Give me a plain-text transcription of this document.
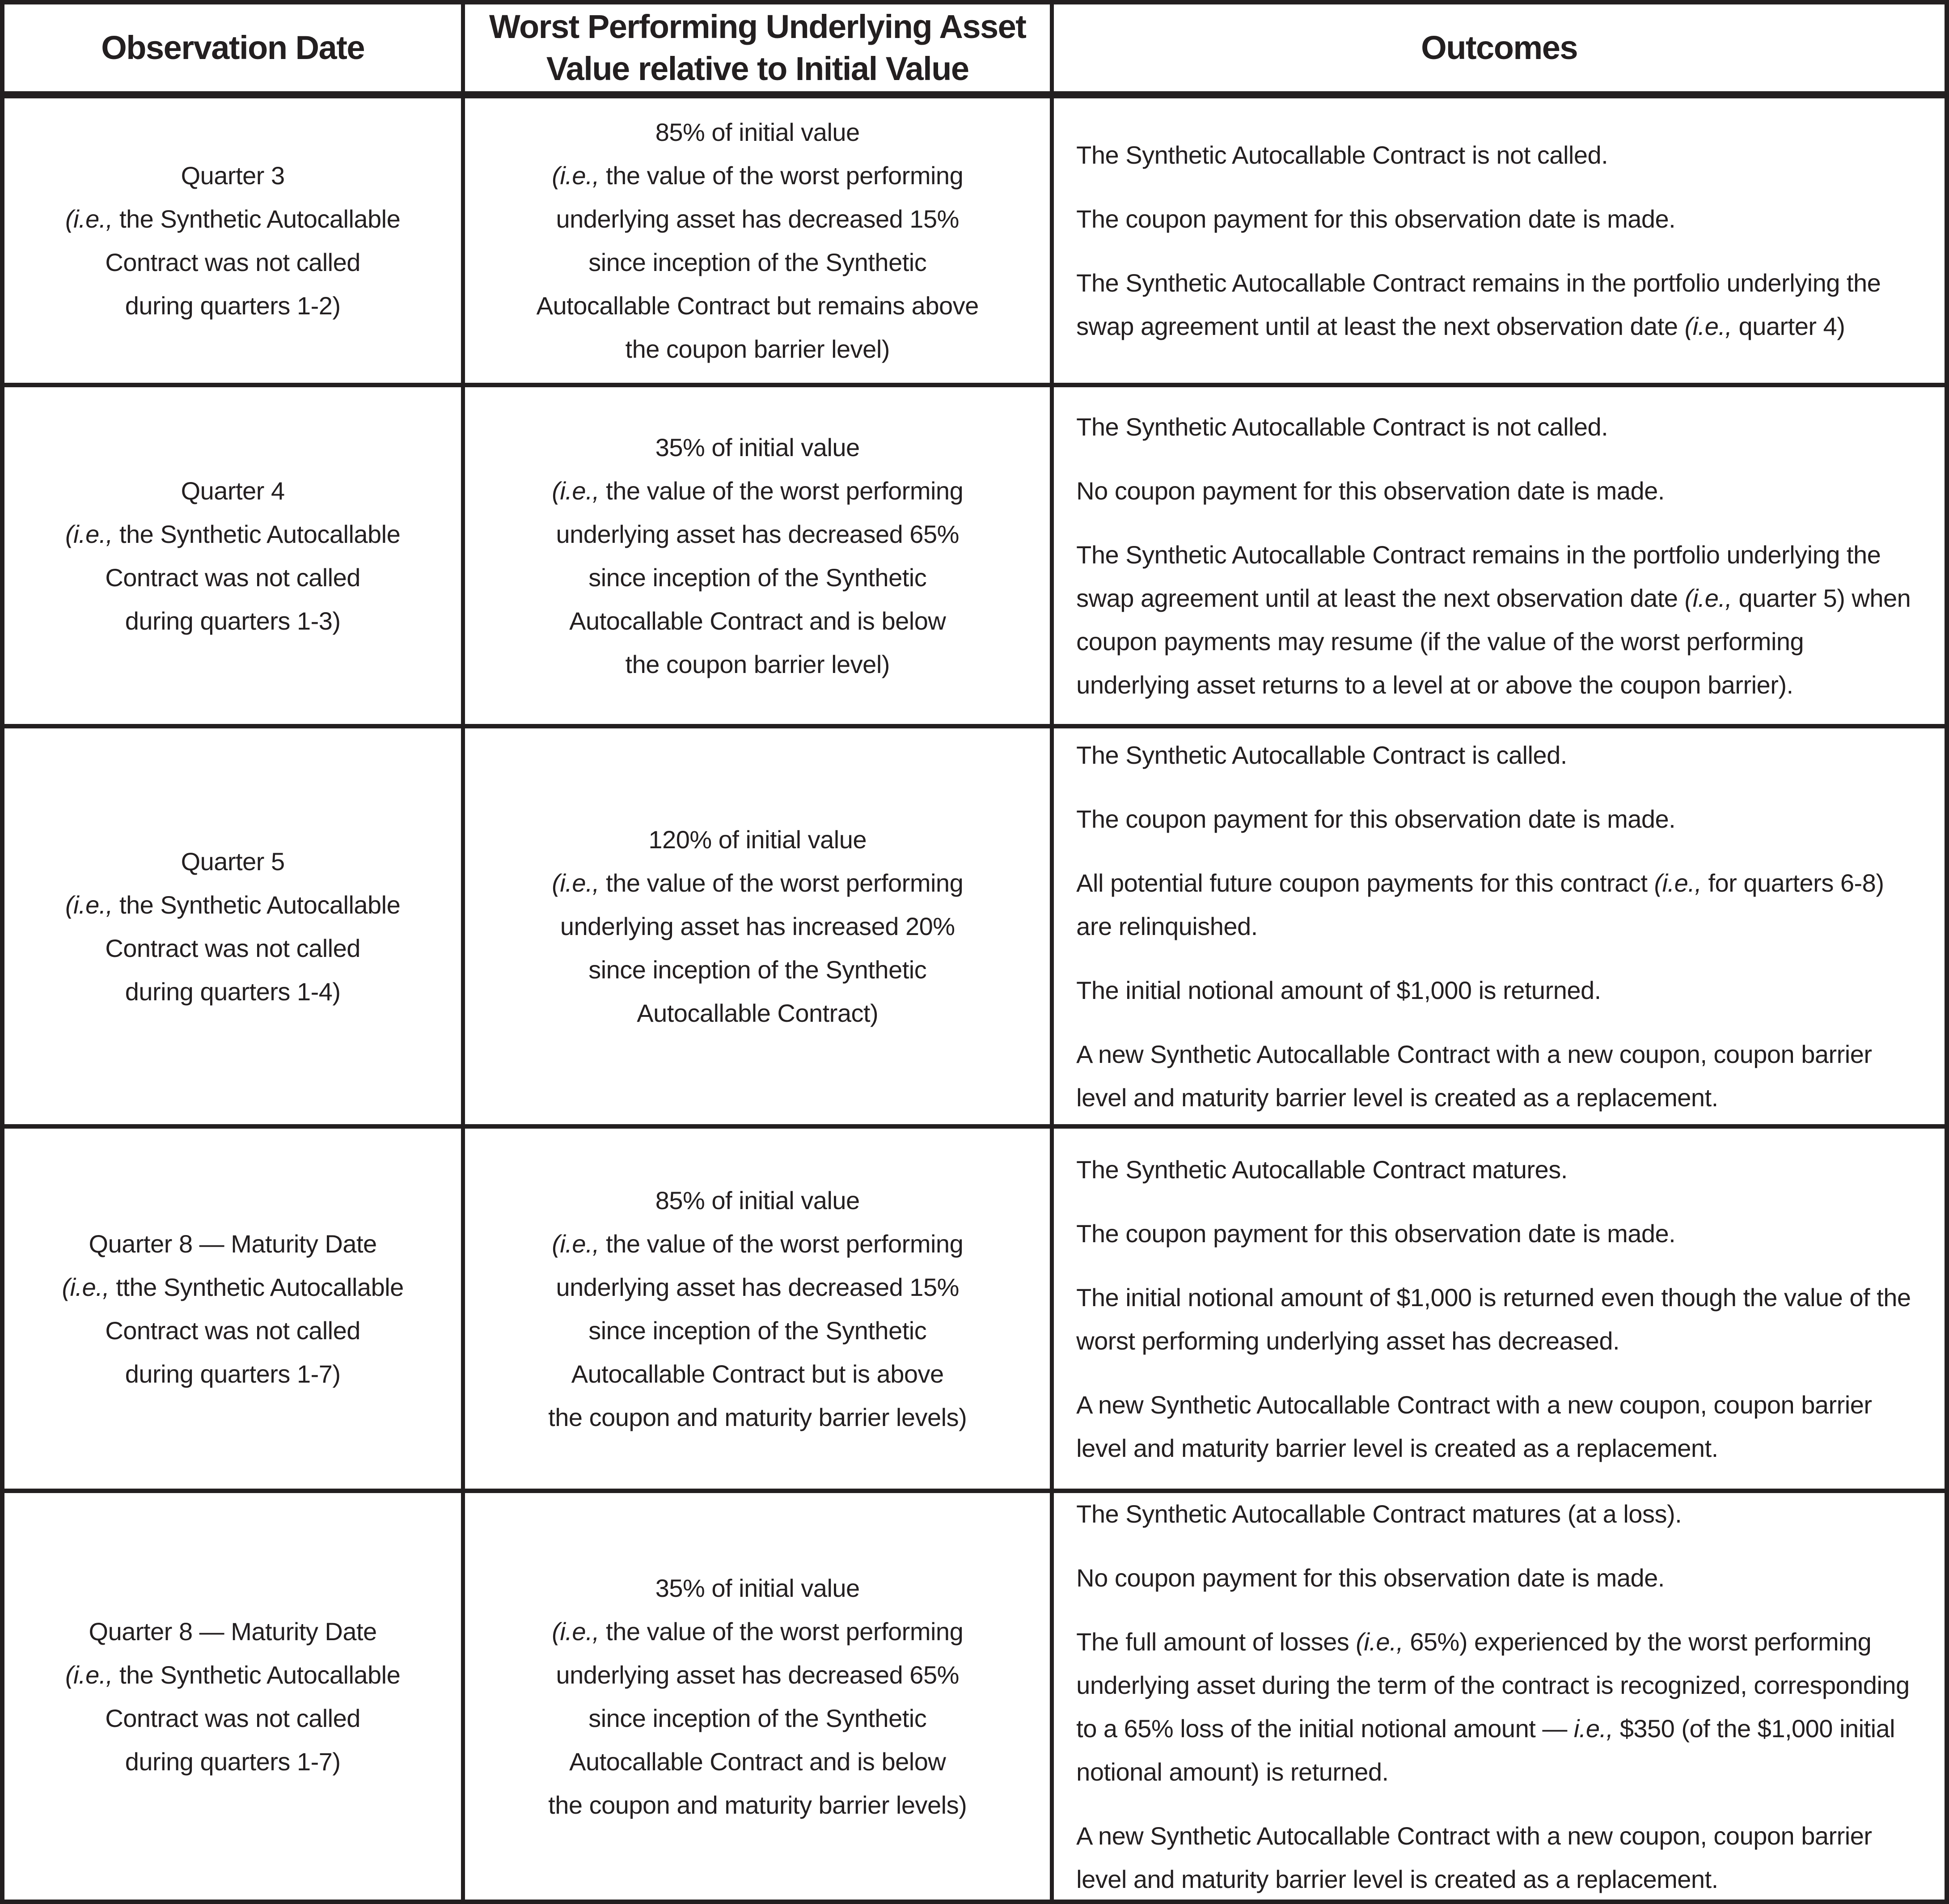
Observation Date
Worst Performing Underlying Asset
Value relative to Initial Value
Outcomes
Quarter 3
(i.e., the Synthetic Autocallable
Contract was not called
during quarters 1-2)
85% of initial value
(i.e., the value of the worst performing
underlying asset has decreased 15%
since inception of the Synthetic
Autocallable Contract but remains above
the coupon barrier level)

The Synthetic Autocallable Contract is not called.

The coupon payment for this observation date is made.

The Synthetic Autocallable Contract remains in the portfolio underlying the swap agreement until at least the next observation date (i.e., quarter 4)

Quarter 4
(i.e., the Synthetic Autocallable
Contract was not called
during quarters 1-3)
35% of initial value
(i.e., the value of the worst performing
underlying asset has decreased 65%
since inception of the Synthetic
Autocallable Contract and is below
the coupon barrier level)

The Synthetic Autocallable Contract is not called.

No coupon payment for this observation date is made.

The Synthetic Autocallable Contract remains in the portfolio underlying the swap agreement until at least the next observation date (i.e., quarter 5) when coupon payments may resume (if the value of the worst performing underlying asset returns to a level at or above the coupon barrier).

Quarter 5
(i.e., the Synthetic Autocallable
Contract was not called
during quarters 1-4)
120% of initial value
(i.e., the value of the worst performing
underlying asset has increased 20%
since inception of the Synthetic
Autocallable Contract)

The Synthetic Autocallable Contract is called.

The coupon payment for this observation date is made.

All potential future coupon payments for this contract (i.e., for quarters 6-8) are relinquished.

The initial notional amount of $1,000 is returned.

A new Synthetic Autocallable Contract with a new coupon, coupon barrier level and maturity barrier level is created as a replacement.

Quarter 8 — Maturity Date
(i.e., tthe Synthetic Autocallable
Contract was not called
during quarters 1-7)
85% of initial value
(i.e., the value of the worst performing
underlying asset has decreased 15%
since inception of the Synthetic
Autocallable Contract but is above
the coupon and maturity barrier levels)

The Synthetic Autocallable Contract matures.

The coupon payment for this observation date is made.

The initial notional amount of $1,000 is returned even though the value of the worst performing underlying asset has decreased.

A new Synthetic Autocallable Contract with a new coupon, coupon barrier level and maturity barrier level is created as a replacement.

Quarter 8 — Maturity Date
(i.e., the Synthetic Autocallable
Contract was not called
during quarters 1-7)
35% of initial value
(i.e., the value of the worst performing
underlying asset has decreased 65%
since inception of the Synthetic
Autocallable Contract and is below
the coupon and maturity barrier levels)

The Synthetic Autocallable Contract matures (at a loss).

No coupon payment for this observation date is made.

The full amount of losses (i.e., 65%) experienced by the worst performing underlying asset during the term of the contract is recognized, corresponding to a 65% loss of the initial notional amount — i.e., $350 (of the $1,000 initial notional amount) is returned.

A new Synthetic Autocallable Contract with a new coupon, coupon barrier level and maturity barrier level is created as a replacement.
